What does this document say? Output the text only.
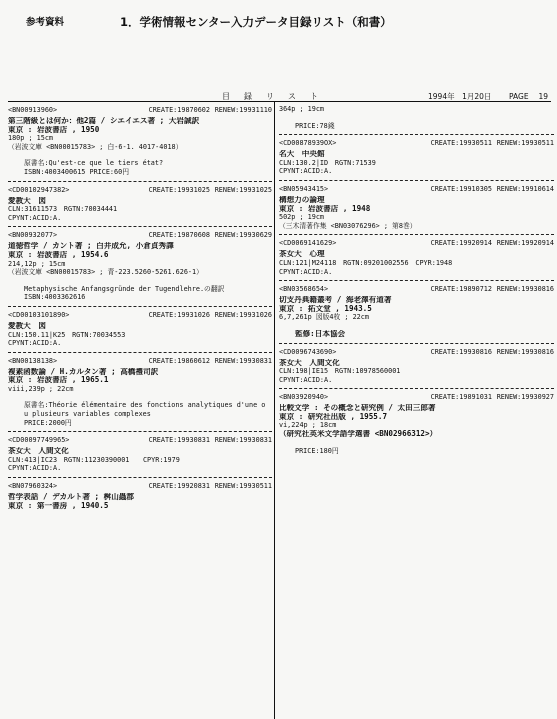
参考資料	1．学術情報センター入力データ目録リスト（和書）
目　録　リ　ス　ト	1994年　1月20日 PAGE　 19
<BN00913960>	CREATE:19870602 RENEW:19931110
第三階級とは何か：他2篇 / シエイエス著 ; 大岩誠訳
東京 : 岩波書店 , 1950
180p ; 15cm
（岩波文庫 <BN00015783> ; 白-6-1. 4017-4018）
原書名:Qu'est-ce que le tiers état?
ISBN:4003400615 PRICE:60円
<CD00102947382>	CREATE:19931025 RENEW:19931025
愛教大　図
CLN:31611573　RGTN:70034441
CPYNT:ACID:A.
<BN00932077>	CREATE:19870608 RENEW:19930629
道徳哲学 / カント著 ; 白井成允, 小倉貞秀譯
東京 : 岩波書店 , 1954.6
214,12p ; 15cm
（岩波文庫 <BN00015783> ; 青-223.5260-5261.626-1）
Metaphysische Anfangsgründe der Tugendlehre.の翻訳
ISBN:4003362616
<CD00103101890>	CREATE:19931026 RENEW:19931026
愛教大　図
CLN:150.11|K25　RGTN:70034553
CPYNT:ACID:A.
<BN00138138>	CREATE:19860612 RENEW:19930831
複素函数論 / H.カルタン著 ; 高橋禮司訳
東京 : 岩波書店 , 1965.1
viii,239p ; 22cm
原書名:Théorie élémentaire des fonctions analytiques d'une o
u plusieurs variables complexes
PRICE:2000円
<CD00097749965>	CREATE:19930831 RENEW:19930831
茶女大　人間文化
CLN:413|IC23　RGTN:11230390001　　CPYR:1979
CPYNT:ACID:A.
<BN07960324>	CREATE:19920831 RENEW:19930511
哲学表話 / デカルト著 ; 桝山蟲郡
東京 : 第一書房 , 1940.5
364p ; 19cm
PRICE:78錢
<CD00878939OX>	CREATE:19930511 RENEW:19930511
名大　中央館
CLN:130.2|ID　RGTN:71539
CPYNT:ACID:A.
<BN05943415>	CREATE:19910305 RENEW:19910614
構想力の論理
東京 : 岩波書店 , 1948
502p ; 19cm
（三木清著作集 <BN03076296> ; 第8巻）
<CD0069141629>	CREATE:19920914 RENEW:19920914
茶女大　心理
CLN:121|M24118　RGTN:09201002556　CPYR:1948
CPYNT:ACID:A.
<BN03568654>	CREATE:19890712 RENEW:19930816
切支丹典籍叢考 / 海老澤有道著
東京 : 拓文堂 , 1943.5
6,7,261p 図版4枚 ; 22cm
監修:日本協会
<CD0096743690>	CREATE:19930816 RENEW:19930816
茶女大　人間文化
CLN:198|IE15　RGTN:10978560001
CPYNT:ACID:A.
<BN03920940>	CREATE:19891031 RENEW:19930927
比較文学 : その概念と研究例 / 太田三郎著
東京 : 研究社出版 , 1955.7
vi,224p ; 18cm
（研究社英米文学語学選書 <BN02966312>）
PRICE:180円
